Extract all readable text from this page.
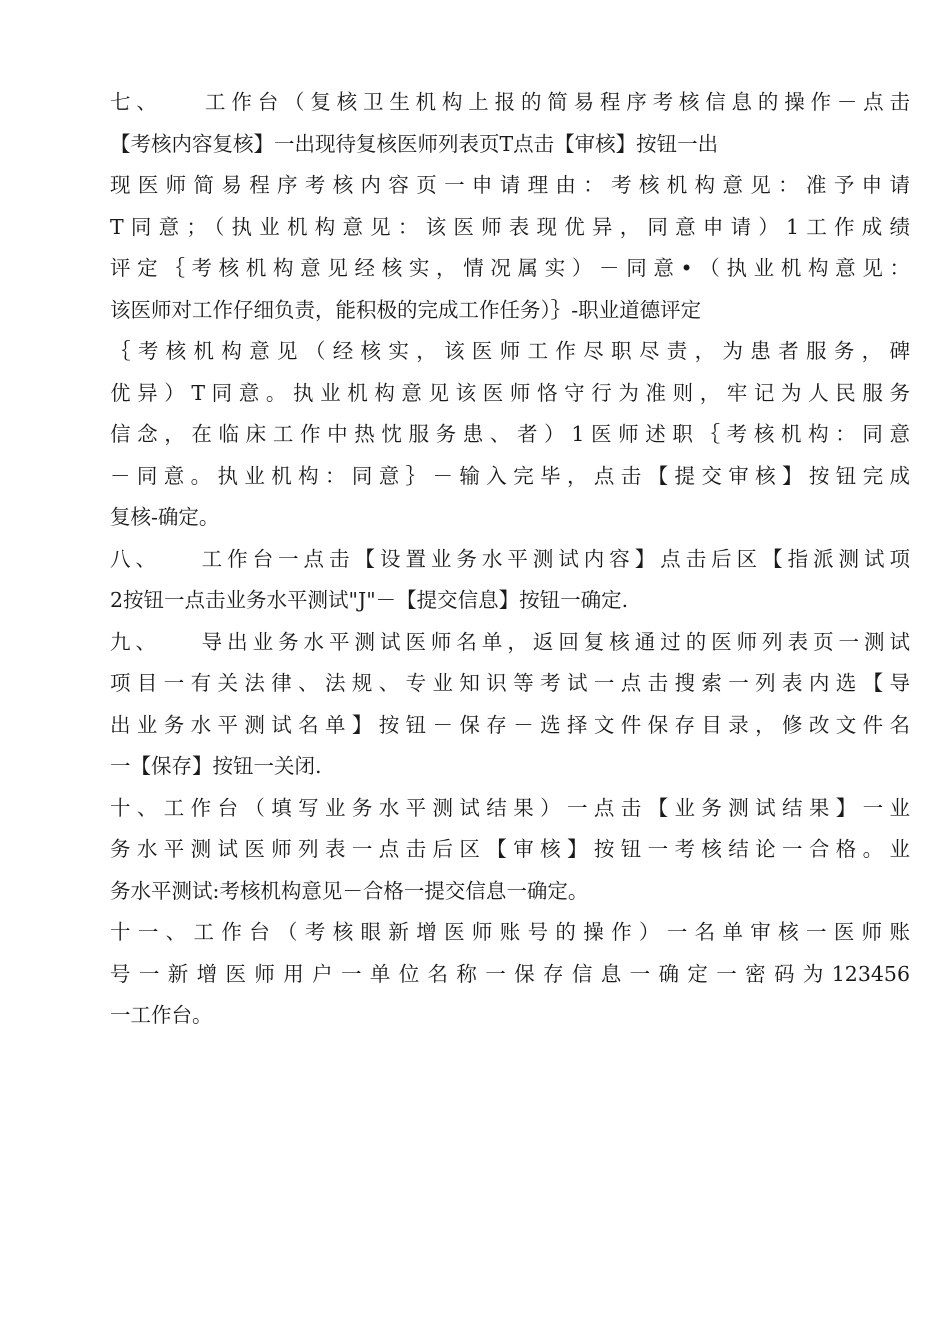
七、　　工作台（复核卫生机构上报的简易程序考核信息的操作－点击
【考核内容复核】一出现待复核医师列表页T点击【审核】按钮一出
现医师简易程序考核内容页一申请理由：考核机构意见：准予申请
T同意；（执业机构意见：该医师表现优异，同意申请）1工作成绩
评定｛考核机构意见经核实，情况属实）－同意•（执业机构意见：
该医师对工作仔细负责，能积极的完成工作任务）｝-职业道德评定
｛考核机构意见（经核实，该医师工作尽职尽责，为患者服务，碑
优异）T同意。执业机构意见该医师恪守行为准则，牢记为人民服务
信念，在临床工作中热忱服务患、者）1医师述职｛考核机构：同意
－同意。执业机构：同意｝－输入完毕，点击【提交审核】按钮完成
复核-确定。
八、　　工作台一点击【设置业务水平测试内容】点击后区【指派测试项
2按钮一点击业务水平测试"J"－【提交信息】按钮一确定.
九、　　导出业务水平测试医师名单，返回复核通过的医师列表页一测试
项目一有关法律、法规、专业知识等考试一点击搜索一列表内选【导
出业务水平测试名单】按钮－保存－选择文件保存目录，修改文件名
一【保存】按钮一关闭.
十、工作台（填写业务水平测试结果）一点击【业务测试结果】一业
务水平测试医师列表一点击后区【审核】按钮一考核结论一合格。业
务水平测试:考核机构意见－合格一提交信息一确定。
十一、工作台（考核眼新增医师账号的操作）一名单审核一医师账
号一新增医师用户一单位名称一保存信息一确定一密码为123456
一工作台。
